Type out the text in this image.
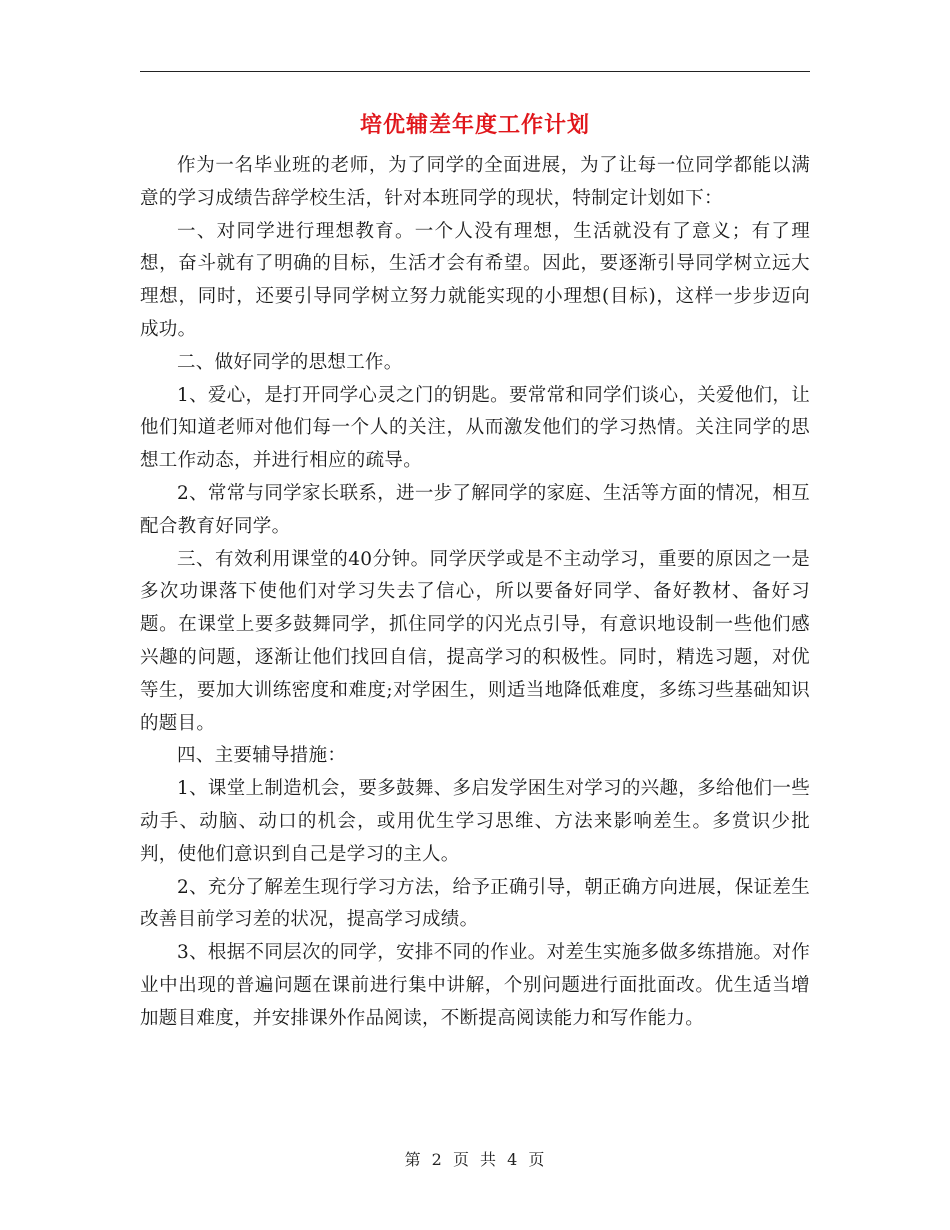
培优辅差年度工作计划

作为一名毕业班的老师，为了同学的全面进展，为了让每一位同学都能以满意的学习成绩告辞学校生活，针对本班同学的现状，特制定计划如下：

一、对同学进行理想教育。一个人没有理想，生活就没有了意义；有了理想，奋斗就有了明确的目标，生活才会有希望。因此，要逐渐引导同学树立远大理想，同时，还要引导同学树立努力就能实现的小理想(目标)，这样一步步迈向成功。

二、做好同学的思想工作。

1、爱心，是打开同学心灵之门的钥匙。要常常和同学们谈心，关爱他们，让他们知道老师对他们每一个人的关注，从而激发他们的学习热情。关注同学的思想工作动态，并进行相应的疏导。

2、常常与同学家长联系，进一步了解同学的家庭、生活等方面的情况，相互配合教育好同学。

三、有效利用课堂的40分钟。同学厌学或是不主动学习，重要的原因之一是多次功课落下使他们对学习失去了信心，所以要备好同学、备好教材、备好习题。在课堂上要多鼓舞同学，抓住同学的闪光点引导，有意识地设制一些他们感兴趣的问题，逐渐让他们找回自信，提高学习的积极性。同时，精选习题，对优等生，要加大训练密度和难度;对学困生，则适当地降低难度，多练习些基础知识的题目。

四、主要辅导措施：

1、课堂上制造机会，要多鼓舞、多启发学困生对学习的兴趣，多给他们一些动手、动脑、动口的机会，或用优生学习思维、方法来影响差生。多赏识少批判，使他们意识到自己是学习的主人。

2、充分了解差生现行学习方法，给予正确引导，朝正确方向进展，保证差生改善目前学习差的状况，提高学习成绩。

3、根据不同层次的同学，安排不同的作业。对差生实施多做多练措施。对作业中出现的普遍问题在课前进行集中讲解，个别问题进行面批面改。优生适当增加题目难度，并安排课外作品阅读，不断提高阅读能力和写作能力。

第 2 页 共 4 页
